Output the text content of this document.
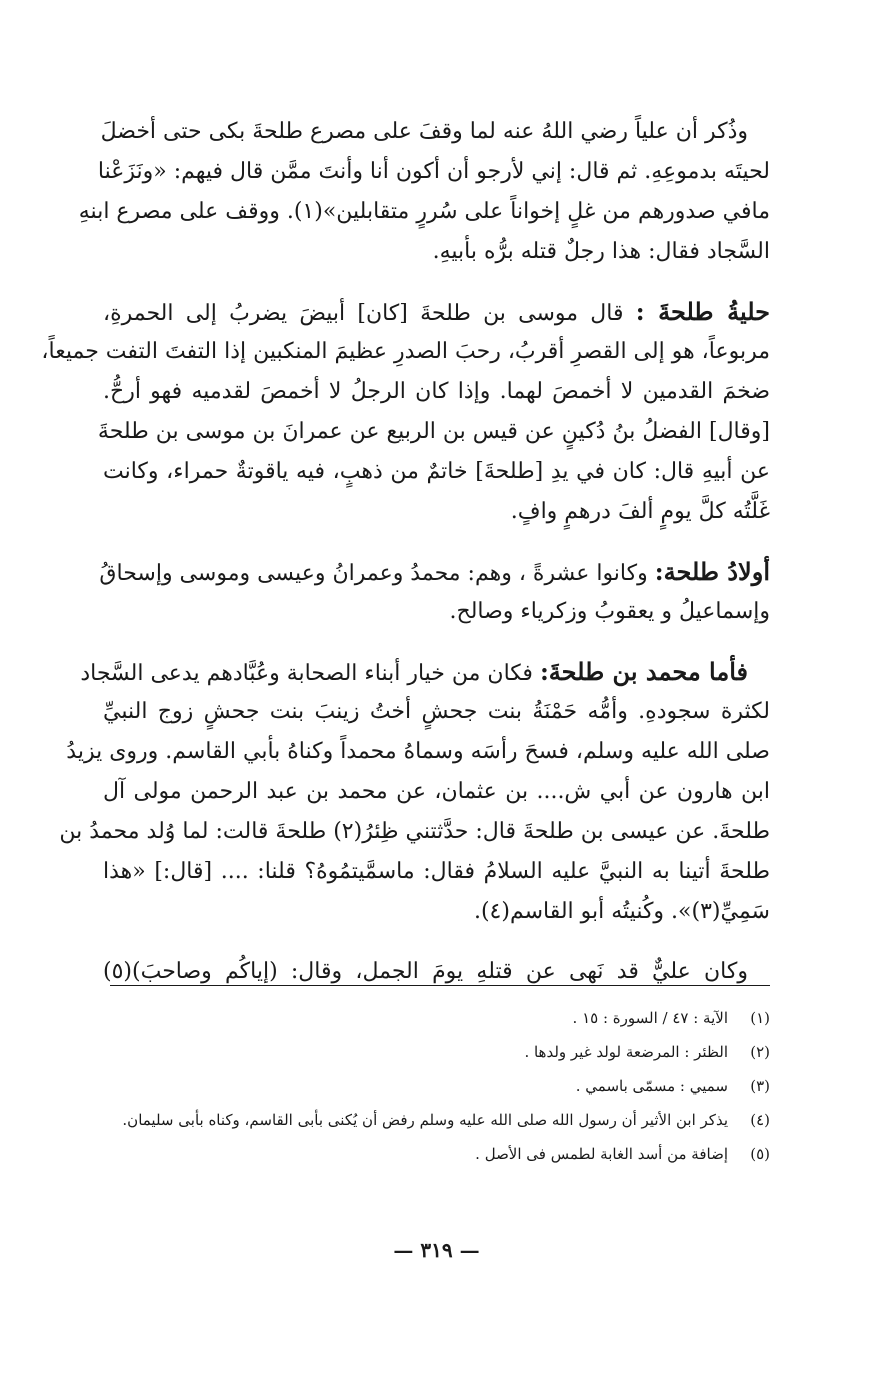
وذُكر أن علياً رضي اللهُ عنه لما وقفَ على مصرع طلحةَ بكى حتى أخضلَ
لحيتَه بدموعِهِ. ثم قال: إني لأرجو أن أكون أنا وأنتَ ممَّن قال فيهم: «ونَزَعْنا
مافي صدورهم من غلٍ إخواناً على سُررٍ متقابلين»(١). ووقف على مصرع ابنهِ
السَّجاد فقال: هذا رجلٌ قتله برُّه بأبيهِ.
حليةُ طلحةَ : قال موسى بن طلحةَ [كان] أبيضَ يضربُ إلى الحمرةِ،
مربوعاً، هو إلى القصرِ أقربُ، رحبَ الصدرِ عظيمَ المنكبين إذا التفتَ التفت جميعاً،
ضخمَ القدمين لا أخمصَ لهما. وإذا كان الرجلُ لا أخمصَ لقدميه فهو أرحُّ.
[وقال] الفضلُ بنُ دُكينٍ عن قيس بن الربيع عن عمرانَ بن موسى بن طلحةَ
عن أبيهِ قال: كان في يدِ [طلحةَ] خاتمٌ من ذهبٍ، فيه ياقوتةٌ حمراء، وكانت
غَلَّتُه كلَّ يومٍ ألفَ درهمٍ وافٍ.
أولادُ طلحة: وكانوا عشرةً ، وهم: محمدُ وعمرانُ وعيسى وموسى وإسحاقُ
وإسماعيلُ و يعقوبُ وزكرياء وصالح.
فأما محمد بن طلحةَ: فكان من خيار أبناء الصحابة وعُبَّادهم يدعى السَّجاد
لكثرة سجودهِ. وأمُّه حَمْنَةُ بنت جحشٍ أختُ زينبَ بنت جحشٍ زوج النبيِّ
صلى الله عليه وسلم، فسحَ رأسَه وسماهُ محمداً وكناهُ بأبي القاسم. وروى يزيدُ
ابن هارون عن أبي ش.... بن عثمان، عن محمد بن عبد الرحمن مولى آل
طلحةَ. عن عيسى بن طلحةَ قال: حدَّثتني ظِئرُ(٢) طلحةَ قالت: لما وُلد محمدُ بن
طلحةَ أتينا به النبيَّ عليه السلامُ فقال: ماسمَّيتمُوهُ؟ قلنا: .... [قال:] «هذا
سَمِيِّ(٣)». وكُنيتُه أبو القاسم(٤).
وكان عليٌّ قد نَهى عن قتلهِ يومَ الجمل، وقال: (إياكُم وصاحبَ)(٥)
(١)
الآية : ٤٧ / السورة : ١٥ .
(٢)
الظئر : المرضعة لولد غير ولدها .
(٣)
سميي : مسمّى باسمي .
(٤)
يذكر ابن الأثير أن رسول الله صلى الله عليه وسلم رفض أن يُكنى بأبى القاسم، وكناه بأبى سليمان.
(٥)
إضافة من أسد الغابة لطمس فى الأصل .
— ٣١٩ —
